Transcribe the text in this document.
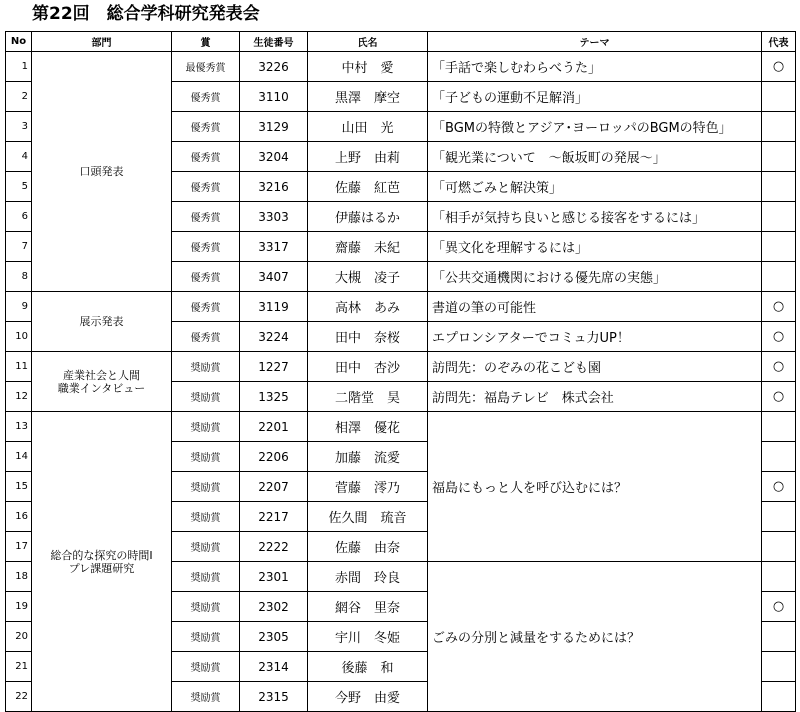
第22回　総合学科研究発表会
No	部門	賞	生徒番号	氏名	テーマ	代表
1	口頭発表	最優秀賞	3226	中村　愛	「手話で楽しむわらべうた」	○
2		優秀賞	3110	黒澤　摩空	「子どもの運動不足解消」	
3		優秀賞	3129	山田　光	「BGMの特徴とアジア･ヨーロッパのBGMの特色」	
4		優秀賞	3204	上野　由莉	「観光業について　～飯坂町の発展～」	
5		優秀賞	3216	佐藤　紅芭	「可燃ごみと解決策」	
6		優秀賞	3303	伊藤はるか	「相手が気持ち良いと感じる接客をするには」	
7		優秀賞	3317	齋藤　未紀	「異文化を理解するには」	
8		優秀賞	3407	大槻　凌子	「公共交通機関における優先席の実態」	
9	展示発表	優秀賞	3119	高林　あみ	書道の筆の可能性	○
10		優秀賞	3224	田中　奈桜	エプロンシアターでコミュ力UP！	○
11	産業社会と人間
職業インタビュー	奨励賞	1227	田中　杏沙	訪問先：のぞみの花こども園	○
12		奨励賞	1325	二階堂　昊	訪問先：福島テレビ　株式会社	○
13	総合的な探究の時間Ⅰ
プレ課題研究	奨励賞	2201	相澤　優花	福島にもっと人を呼び込むには？	
14		奨励賞	2206	加藤　流愛		
15		奨励賞	2207	菅藤　澪乃		○
16		奨励賞	2217	佐久間　琉音		
17		奨励賞	2222	佐藤　由奈		
18		奨励賞	2301	赤間　玲良	ごみの分別と減量をするためには？	
19		奨励賞	2302	網谷　里奈		○
20		奨励賞	2305	宇川　冬姫		
21		奨励賞	2314	後藤　和		
22		奨励賞	2315	今野　由愛		
